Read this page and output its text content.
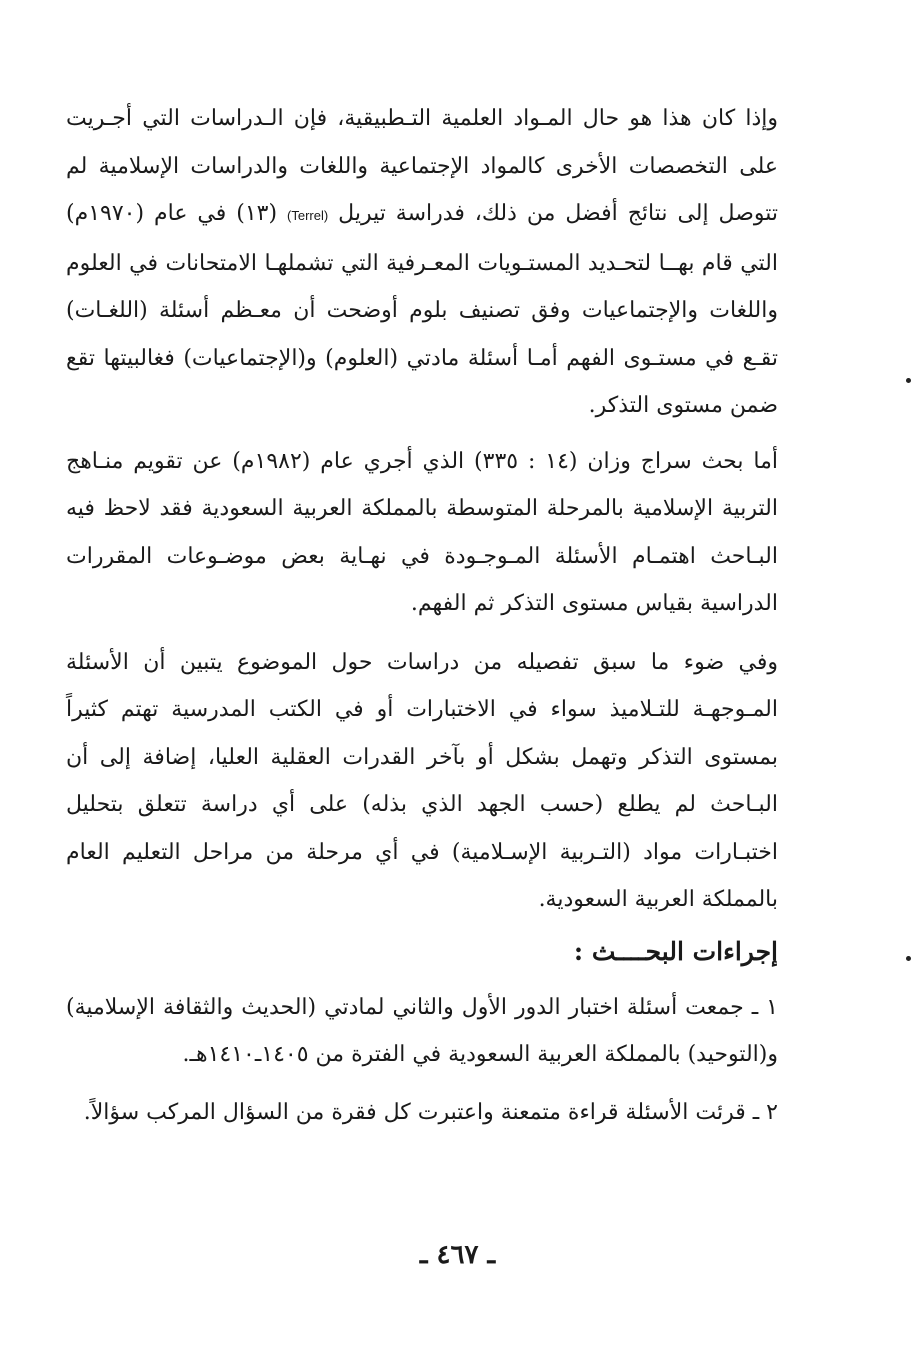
وإذا كان هذا هو حال المـواد العلمية التـطبيقية، فإن الـدراسات التي أجـريت على التخصصات الأخرى كالمواد الإجتماعية واللغات والدراسات الإسلامية لم تتوصل إلى نتائج أفضل من ذلك، فدراسة تيريل (Terrel) (١٣) في عام (١٩٧٠م) التي قام بهــا لتحـديد المستـويات المعـرفية التي تشملهـا الامتحانات في العلوم واللغات والإجتماعيات وفق تصنيف بلوم أوضحت أن معـظم أسئلة (اللغـات) تقـع في مستـوى الفهم أمـا أسئلة مادتي (العلوم) و(الإجتماعيات) فغالبيتها تقع ضمن مستوى التذكر.

أما بحث سراج وزان (١٤ : ٣٣٥) الذي أجري عام (١٩٨٢م) عن تقويم منـاهج التربية الإسلامية بالمرحلة المتوسطة بالمملكة العربية السعودية فقد لاحظ فيه البـاحث اهتمـام الأسئلة المـوجـودة في نهـاية بعض موضـوعات المقررات الدراسية بقياس مستوى التذكر ثم الفهم.

وفي ضوء ما سبق تفصيله من دراسات حول الموضوع يتبين أن الأسئلة المـوجهـة للتـلاميذ سواء في الاختبارات أو في الكتب المدرسية تهتم كثيراً بمستوى التذكر وتهمل بشكل أو بآخر القدرات العقلية العليا، إضافة إلى أن البـاحث لم يطلع (حسب الجهد الذي بذله) على أي دراسة تتعلق بتحليل اختبـارات مواد (التـربية الإسـلامية) في أي مرحلة من مراحل التعليم العام بالمملكة العربية السعودية.

إجراءات البحــــث :

١ ـ جمعت أسئلة اختبار الدور الأول والثاني لمادتي (الحديث والثقافة الإسلامية) و(التوحيد) بالمملكة العربية السعودية في الفترة من ١٤٠٥ـ١٤١٠هـ.

٢ ـ قرئت الأسئلة قراءة متمعنة واعتبرت كل فقرة من السؤال المركب سؤالاً.

ـ ٤٦٧ ـ
